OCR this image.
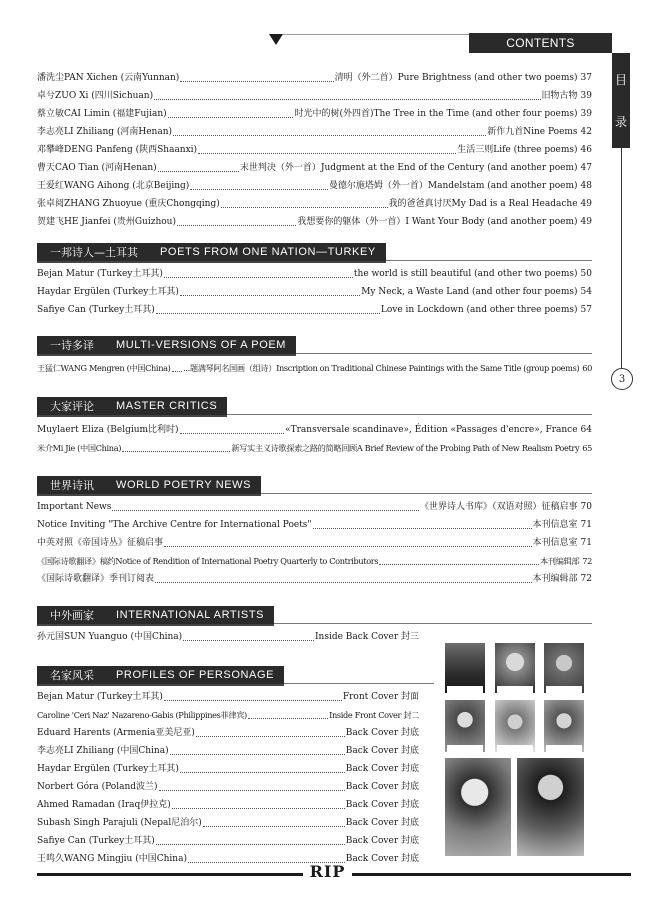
CONTENTS
目
录
3
潘洗尘PAN Xichen (云南Yunnan)	清明（外二首）Pure Brightness (and other two poems) 37
卓兮ZUO Xi (四川Sichuan)	旧物古物 39
蔡立敏CAI Limin (福建Fujian)	时光中的树(外四首)The Tree in the Time (and other four poems) 39
李志亮LI Zhiliang (河南Henan)	新作九首Nine Poems 42
邓攀峰DENG Panfeng (陕西Shaanxi)	生活三则Life (three poems) 46
曹天CAO Tian (河南Henan)	末世判决（外一首）Judgment at the End of the Century (and another poem) 47
王爱红WANG Aihong (北京Beijing)	曼德尔施塔姆（外一首）Mandelstam (and another poem) 48
张卓阅ZHANG Zhuoyue (重庆Chongqing)	我的爸爸真讨厌My Dad is a Real Headache 49
贺建飞HE Jianfei (贵州Guizhou)	我想要你的躯体（外一首）I Want Your Body (and another poem) 49
一邦诗人—土耳其 POETS FROM ONE NATION—TURKEY
Bejan Matur (Turkey土耳其)	the world is still beautiful (and other two poems) 50
Haydar Ergülen (Turkey土耳其)	My Neck, a Waste Land (and other four poems) 54
Safiye Can (Turkey土耳其)	Love in Lockdown (and other three poems) 57
一诗多译 MULTI-VERSIONS OF A POEM
王猛仁WANG Mengren (中国China) ...题满琴阿名国画（组诗）Inscription on Traditional Chinese Paintings with the Same Title (group poems) 60
大家评论 MASTER CRITICS
Muylaert Eliza (Belgium比利时)	«Transversale scandinave», Édition «Passages d'encre», France 64
米介Mi Jie (中国China)	新写实主义诗歌探索之路的简略回顾A Brief Review of the Probing Path of New Realism Poetry 65
世界诗讯 WORLD POETRY NEWS
Important News	《世界诗人书库》（双语对照）征稿启事 70
Notice Inviting "The Archive Centre for International Poets"	本刊信息室 71
中英对照《帝国诗丛》征稿启事	本刊信息室 71
《国际诗歌翻译》稿约Notice of Rendition of International Poetry Quarterly to Contributors	本刊编辑部 72
《国际诗歌翻译》季刊订阅表	本刊编辑部 72
中外画家 INTERNATIONAL ARTISTS
孙元国SUN Yuanguo (中国China)	Inside Back Cover 封三
名家风采 PROFILES OF PERSONAGE
Bejan Matur (Turkey土耳其)	Front Cover 封面
Caroline 'Ceri Naz' Nazareno-Gabis (Philippines菲律宾)	Inside Front Cover 封二
Eduard Harents (Armenia亚美尼亚)	Back Cover 封底
李志亮LI Zhiliang (中国China)	Back Cover 封底
Haydar Ergülen (Turkey土耳其)	Back Cover 封底
Norbert Góra (Poland波兰)	Back Cover 封底
Ahmed Ramadan (Iraq伊拉克)	Back Cover 封底
Subash Singh Parajuli (Nepal尼泊尔)	Back Cover 封底
Safiye Can (Turkey土耳其)	Back Cover 封底
王鸣久WANG Mingjiu (中国China)	Back Cover 封底
RIP
